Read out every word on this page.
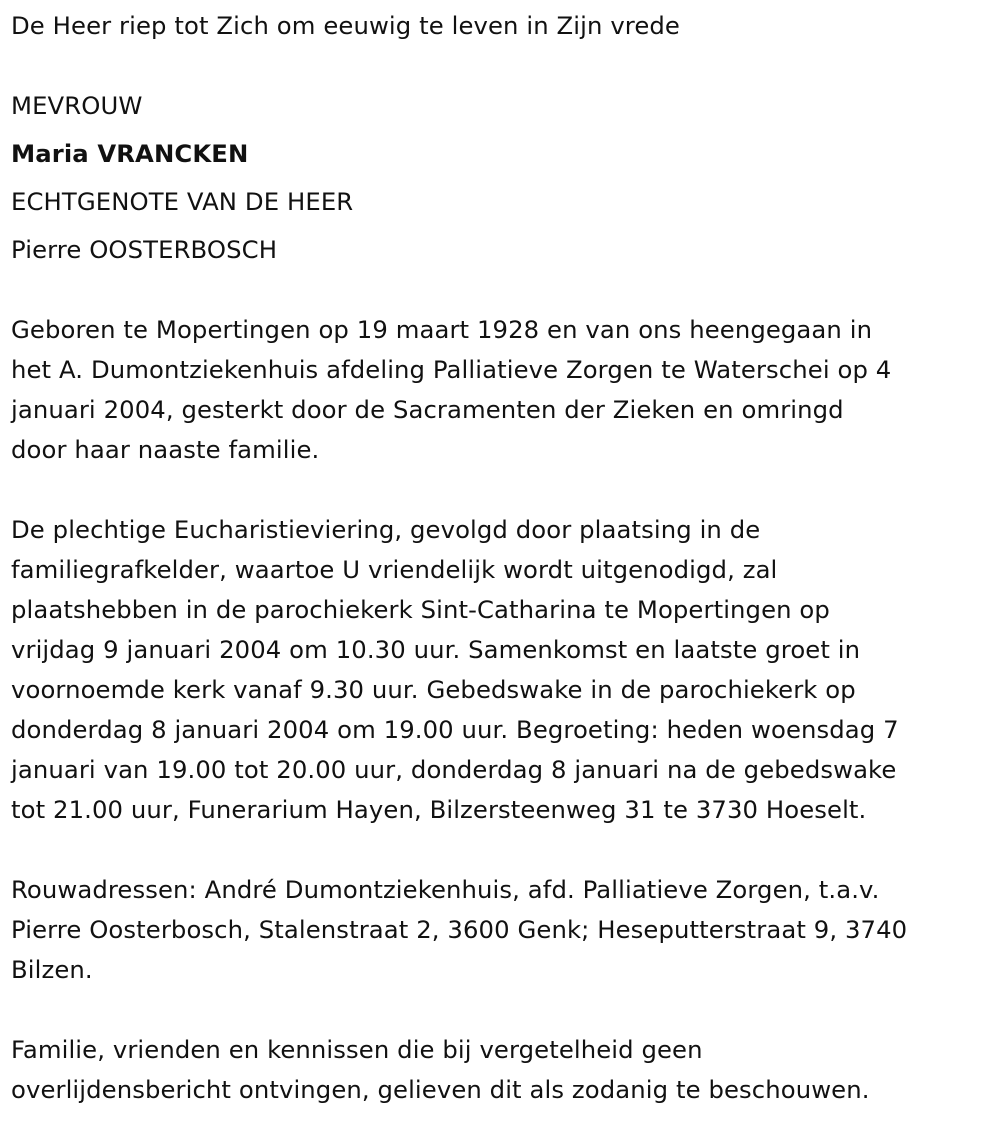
De Heer riep tot Zich om eeuwig te leven in Zijn vrede
MEVROUW
Maria VRANCKEN
ECHTGENOTE VAN DE HEER
Pierre OOSTERBOSCH
Geboren te Mopertingen op 19 maart 1928 en van ons heengegaan in
het A. Dumontziekenhuis afdeling Palliatieve Zorgen te Waterschei op 4
januari 2004, gesterkt door de Sacramenten der Zieken en omringd
door haar naaste familie.
De plechtige Eucharistieviering, gevolgd door plaatsing in de
familiegrafkelder, waartoe U vriendelijk wordt uitgenodigd, zal
plaatshebben in de parochiekerk Sint-Catharina te Mopertingen op
vrijdag 9 januari 2004 om 10.30 uur. Samenkomst en laatste groet in
voornoemde kerk vanaf 9.30 uur. Gebedswake in de parochiekerk op
donderdag 8 januari 2004 om 19.00 uur. Begroeting: heden woensdag 7
januari van 19.00 tot 20.00 uur, donderdag 8 januari na de gebedswake
tot 21.00 uur, Funerarium Hayen, Bilzersteenweg 31 te 3730 Hoeselt.
Rouwadressen: André Dumontziekenhuis, afd. Palliatieve Zorgen, t.a.v.
Pierre Oosterbosch, Stalenstraat 2, 3600 Genk; Heseputterstraat 9, 3740
Bilzen.
Familie, vrienden en kennissen die bij vergetelheid geen
overlijdensbericht ontvingen, gelieven dit als zodanig te beschouwen.
